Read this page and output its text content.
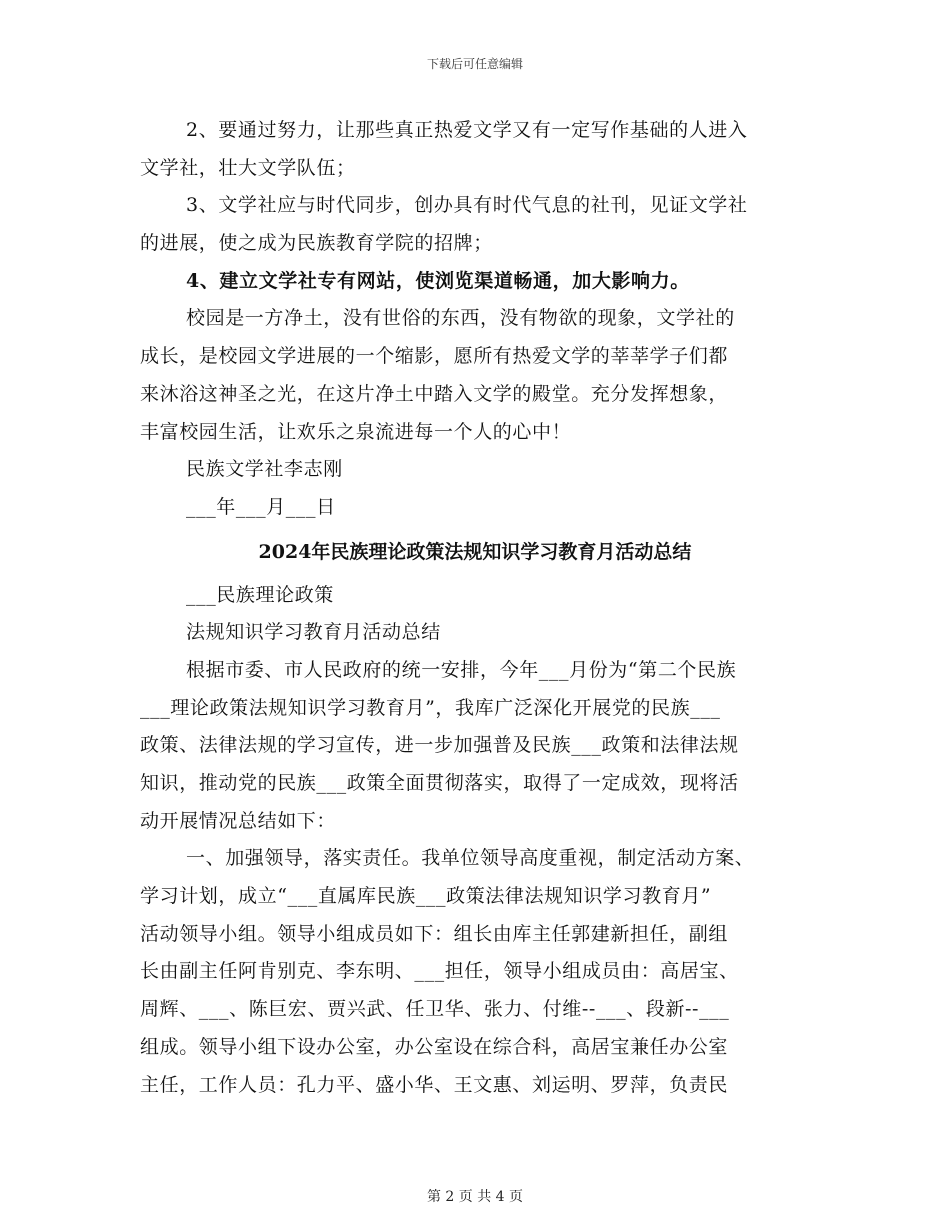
下载后可任意编辑
2、要通过努力，让那些真正热爱文学又有一定写作基础的人进入
文学社，壮大文学队伍；
3、文学社应与时代同步，创办具有时代气息的社刊，见证文学社
的进展，使之成为民族教育学院的招牌；
4、建立文学社专有网站，使浏览渠道畅通，加大影响力。
校园是一方净土，没有世俗的东西，没有物欲的现象，文学社的
成长，是校园文学进展的一个缩影，愿所有热爱文学的莘莘学子们都
来沐浴这神圣之光，在这片净土中踏入文学的殿堂。充分发挥想象，
丰富校园生活，让欢乐之泉流进每一个人的心中！
民族文学社李志刚
___年___月___日
2024年民族理论政策法规知识学习教育月活动总结
___民族理论政策
法规知识学习教育月活动总结
根据市委、市人民政府的统一安排，今年___月份为“第二个民族
___理论政策法规知识学习教育月”，我库广泛深化开展党的民族___
政策、法律法规的学习宣传，进一步加强普及民族___政策和法律法规
知识，推动党的民族___政策全面贯彻落实，取得了一定成效，现将活
动开展情况总结如下：
一、加强领导，落实责任。我单位领导高度重视，制定活动方案、
学习计划，成立“___直属库民族___政策法律法规知识学习教育月”
活动领导小组。领导小组成员如下：组长由库主任郭建新担任，副组
长由副主任阿肯别克、李东明、___担任，领导小组成员由：高居宝、
周辉、___、陈巨宏、贾兴武、任卫华、张力、付维--___、段新--___
组成。领导小组下设办公室，办公室设在综合科，高居宝兼任办公室
主任，工作人员：孔力平、盛小华、王文惠、刘运明、罗萍，负责民
第 2 页 共 4 页
